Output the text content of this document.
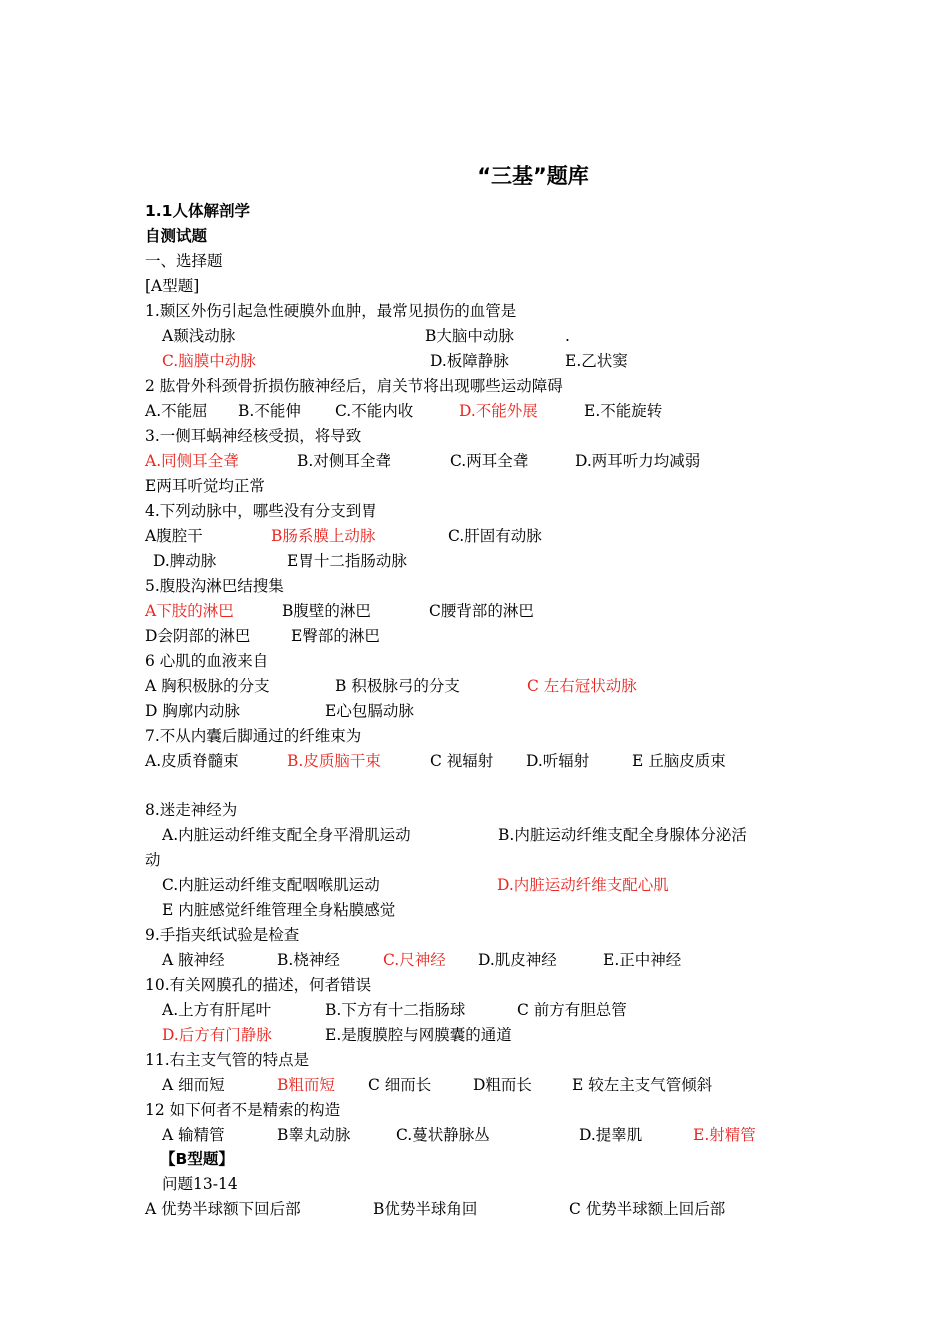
“三基”题库
1.1人体解剖学
自测试题
一、选择题
[A型题]
1.颞区外伤引起急性硬膜外血肿，最常见损伤的血管是
A颞浅动脉	B大脑中动脉	.
C.脑膜中动脉	D.板障静脉	E.乙状窦
2 肱骨外科颈骨折损伤腋神经后，肩关节将出现哪些运动障碍
A.不能屈 B.不能伸 C.不能内收	D.不能外展	E.不能旋转
3.一侧耳蜗神经核受损，将导致
A.同侧耳全聋	B.对侧耳全聋	C.两耳全聋	D.两耳听力均减弱
E两耳听觉均正常
4.下列动脉中，哪些没有分支到胃
A腹腔干	B肠系膜上动脉	C.肝固有动脉
D.脾动脉	E胃十二指肠动脉
5.腹股沟淋巴结搜集
A下肢的淋巴	B腹壁的淋巴	C腰背部的淋巴
D会阴部的淋巴	E臀部的淋巴
6 心肌的血液来自
A 胸积极脉的分支	B 积极脉弓的分支	C 左右冠状动脉
D 胸廓内动脉	E心包膈动脉
7.不从内囊后脚通过的纤维束为
A.皮质脊髓束	B.皮质脑干束	C 视辐射 D.听辐射	E 丘脑皮质束
8.迷走神经为
A.内脏运动纤维支配全身平滑肌运动	B.内脏运动纤维支配全身腺体分泌活
动
C.内脏运动纤维支配咽喉肌运动	D.内脏运动纤维支配心肌
E 内脏感觉纤维管理全身粘膜感觉
9.手指夹纸试验是检查
A 腋神经	B.桡神经	C.尺神经 D.肌皮神经	E.正中神经
10.有关网膜孔的描述，何者错误
A.上方有肝尾叶	B.下方有十二指肠球	C 前方有胆总管
D.后方有门静脉	E.是腹膜腔与网膜囊的通道
11.右主支气管的特点是
A 细而短	B粗而短 C 细而长	D粗而长	E 较左主支气管倾斜
12 如下何者不是精索的构造
A 输精管	B睾丸动脉	C.蔓状静脉丛	D.提睾肌	E.射精管
【B型题】
问题13-14
A 优势半球额下回后部	B优势半球角回	C 优势半球额上回后部
